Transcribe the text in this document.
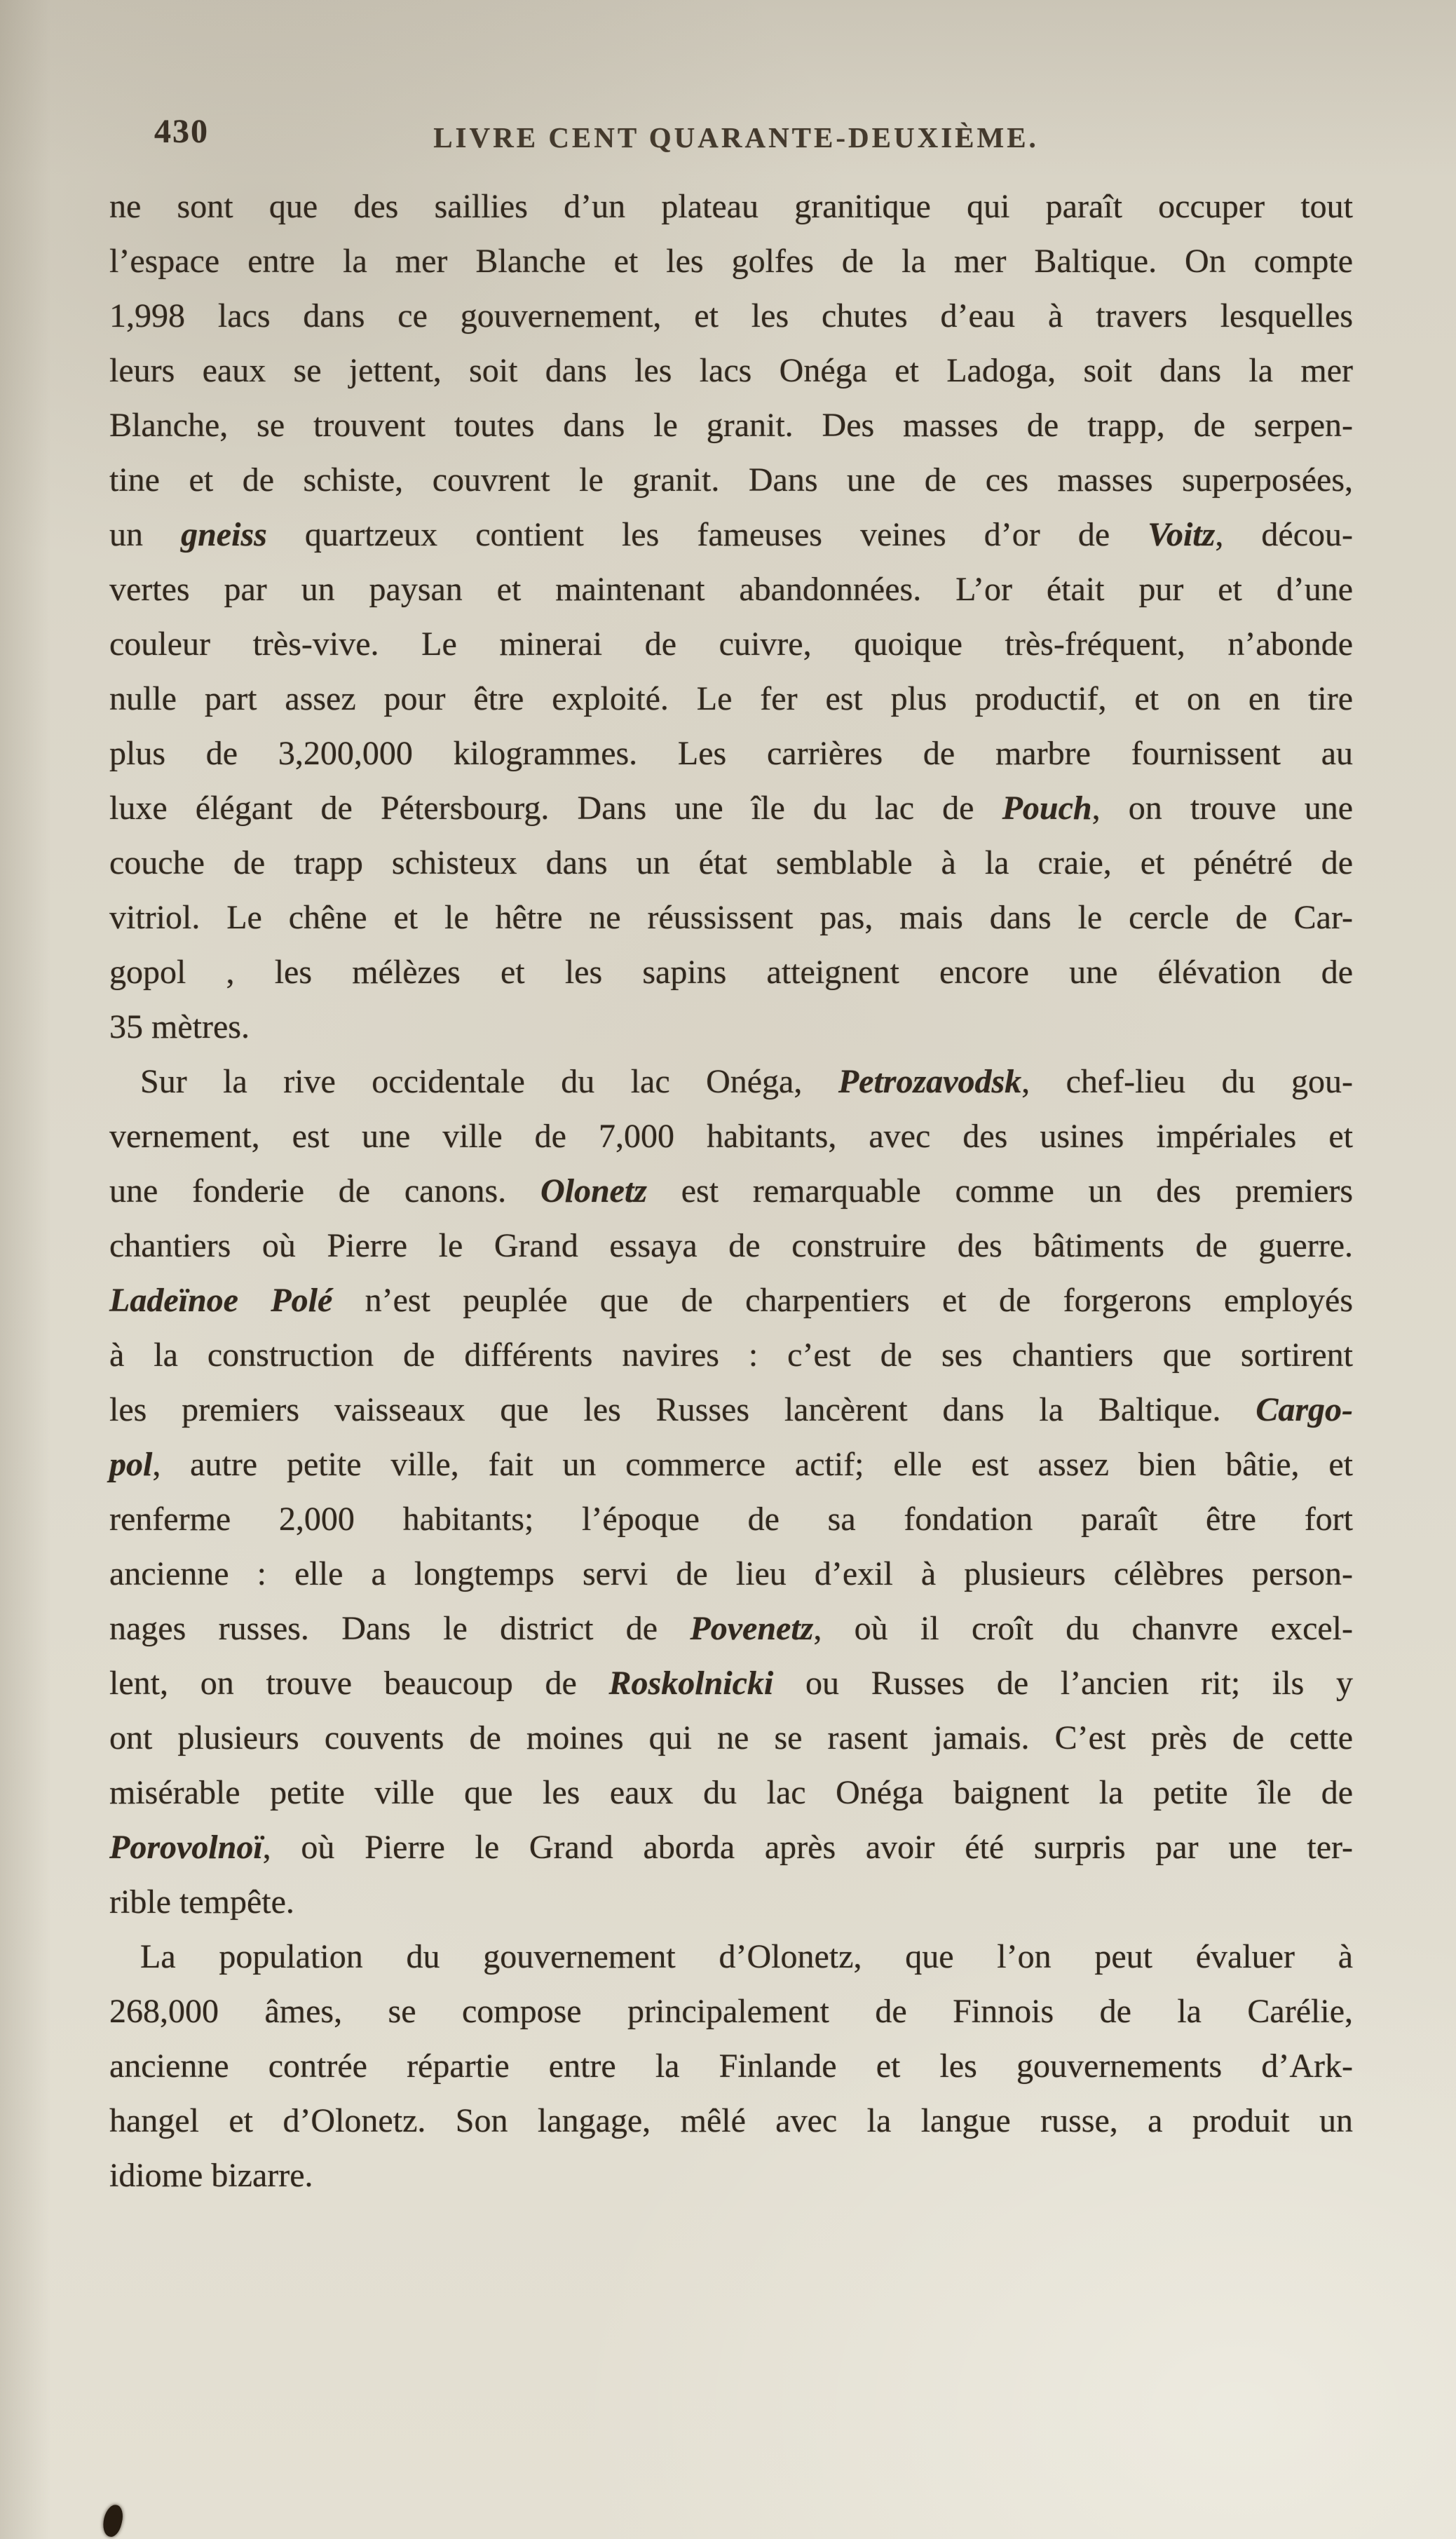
430	LIVRE CENT QUARANTE-DEUXIÈME.
ne sont que des saillies d’un plateau granitique qui paraît occuper tout
l’espace entre la mer Blanche et les golfes de la mer Baltique. On compte
1,998 lacs dans ce gouvernement, et les chutes d’eau à travers lesquelles
leurs eaux se jettent, soit dans les lacs Onéga et Ladoga, soit dans la mer
Blanche, se trouvent toutes dans le granit. Des masses de trapp, de serpen-
tine et de schiste, couvrent le granit. Dans une de ces masses superposées,
un gneiss quartzeux contient les fameuses veines d’or de Voitz, décou-
vertes par un paysan et maintenant abandonnées. L’or était pur et d’une
couleur très-vive. Le minerai de cuivre, quoique très-fréquent, n’abonde
nulle part assez pour être exploité. Le fer est plus productif, et on en tire
plus de 3,200,000 kilogrammes. Les carrières de marbre fournissent au
luxe élégant de Pétersbourg. Dans une île du lac de Pouch, on trouve une
couche de trapp schisteux dans un état semblable à la craie, et pénétré de
vitriol. Le chêne et le hêtre ne réussissent pas, mais dans le cercle de Car-
gopol , les mélèzes et les sapins atteignent encore une élévation de
35 mètres.
Sur la rive occidentale du lac Onéga, Petrozavodsk, chef-lieu du gou-
vernement, est une ville de 7,000 habitants, avec des usines impériales et
une fonderie de canons. Olonetz est remarquable comme un des premiers
chantiers où Pierre le Grand essaya de construire des bâtiments de guerre.
Ladeïnoe Polé n’est peuplée que de charpentiers et de forgerons employés
à la construction de différents navires : c’est de ses chantiers que sortirent
les premiers vaisseaux que les Russes lancèrent dans la Baltique. Cargo-
pol, autre petite ville, fait un commerce actif; elle est assez bien bâtie, et
renferme 2,000 habitants; l’époque de sa fondation paraît être fort
ancienne : elle a longtemps servi de lieu d’exil à plusieurs célèbres person-
nages russes. Dans le district de Povenetz, où il croît du chanvre excel-
lent, on trouve beaucoup de Roskolnicki ou Russes de l’ancien rit; ils y
ont plusieurs couvents de moines qui ne se rasent jamais. C’est près de cette
misérable petite ville que les eaux du lac Onéga baignent la petite île de
Porovolnoï, où Pierre le Grand aborda après avoir été surpris par une ter-
rible tempête.
La population du gouvernement d’Olonetz, que l’on peut évaluer à
268,000 âmes, se compose principalement de Finnois de la Carélie,
ancienne contrée répartie entre la Finlande et les gouvernements d’Ark-
hangel et d’Olonetz. Son langage, mêlé avec la langue russe, a produit un
idiome bizarre.
